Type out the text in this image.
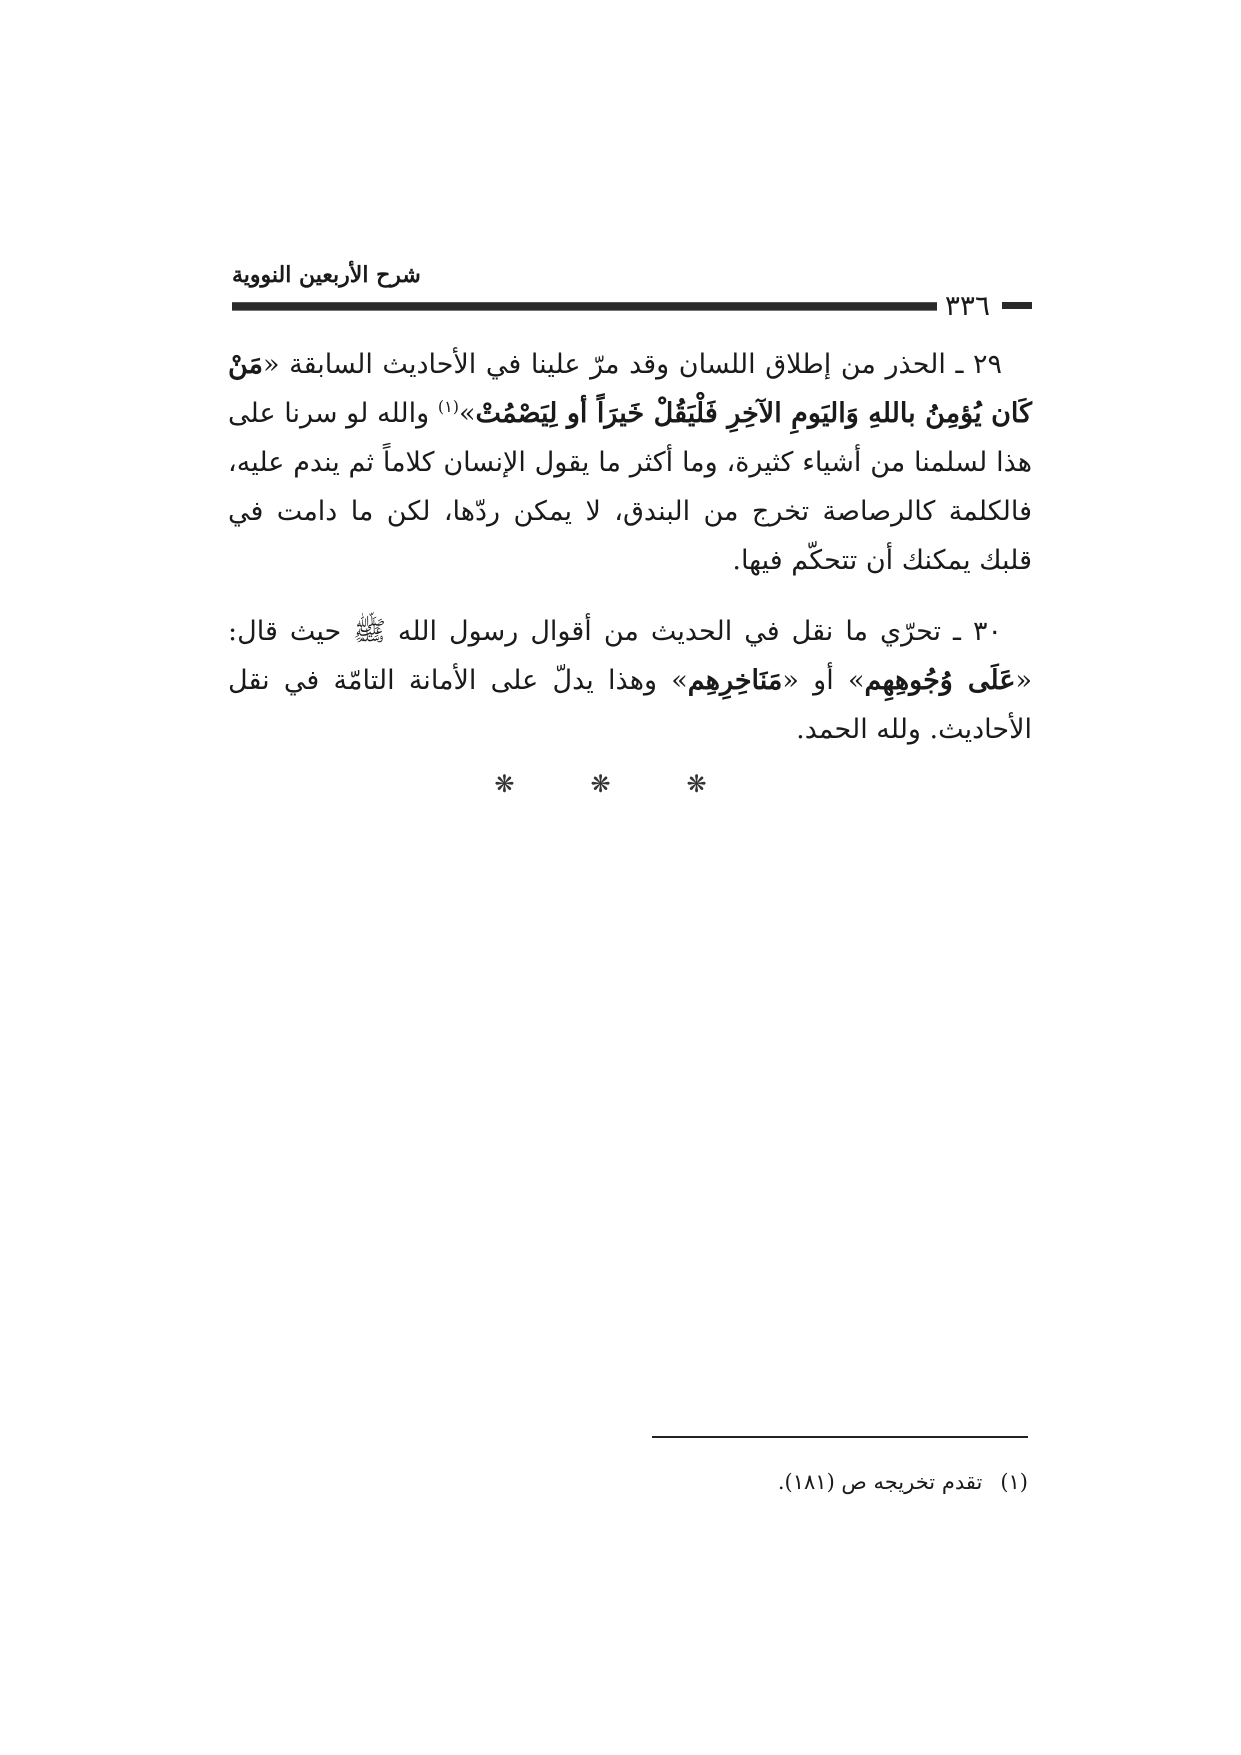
شرح الأربعين النووية
٣٣٦

٢٩ ـ الحذر من إطلاق اللسان وقد مرّ علينا في الأحاديث السابقة «مَنْ كَان يُؤمِنُ باللهِ وَاليَومِ الآخِرِ فَلْيَقُلْ خَيرَاً أو لِيَصْمُتْ»$^{(١)}$ والله لو سرنا على هذا لسلمنا من أشياء كثيرة، وما أكثر ما يقول الإنسان كلاماً ثم يندم عليه، فالكلمة كالرصاصة تخرج من البندق، لا يمكن ردّها، لكن ما دامت في قلبك يمكنك أن تتحكّم فيها.

٣٠ ـ تحرّي ما نقل في الحديث من أقوال رسول الله ﷺ حيث قال: «عَلَى وُجُوهِهِم» أو «مَنَاخِرِهِم» وهذا يدلّ على الأمانة التامّة في نقل الأحاديث. ولله الحمد.

❋ ❋ ❋
(١)تقدم تخريجه ص (١٨١).
